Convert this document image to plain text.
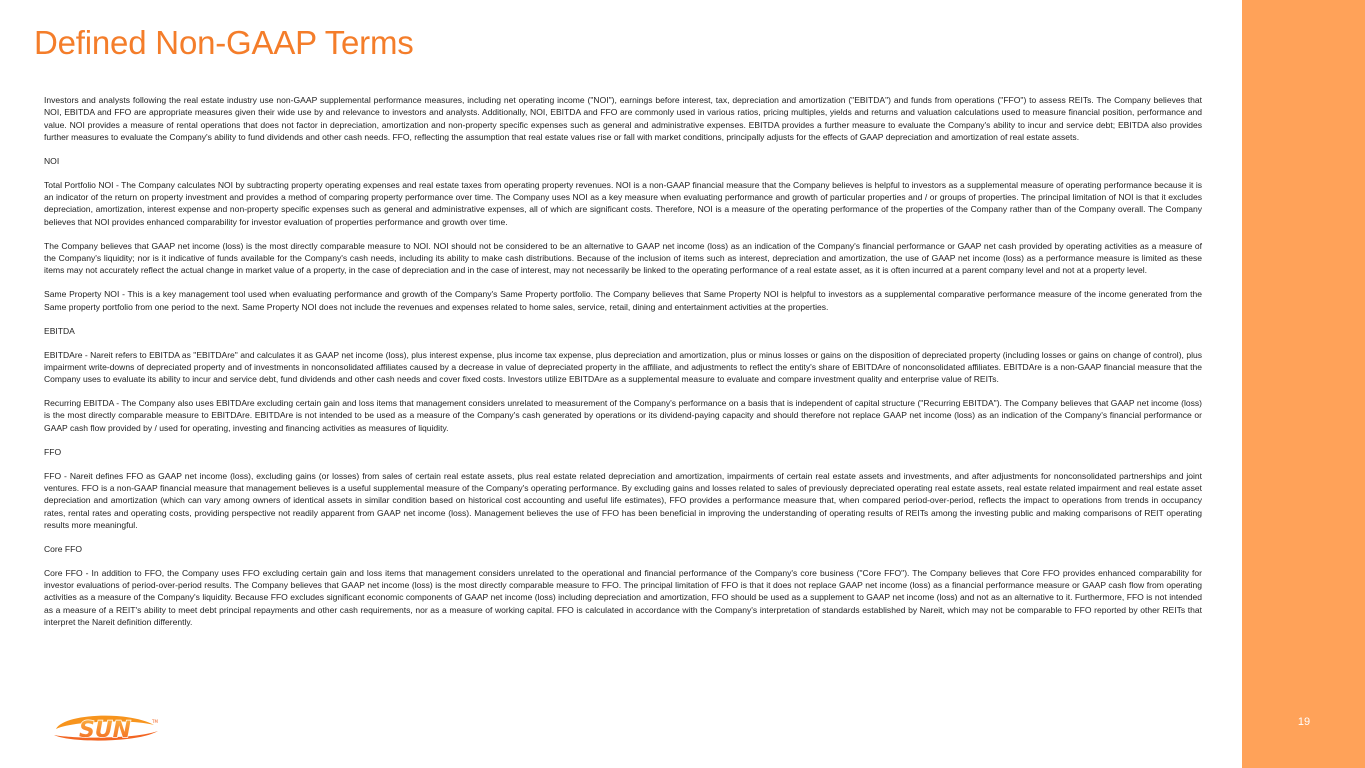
Defined Non-GAAP Terms

Investors and analysts following the real estate industry use non-GAAP supplemental performance measures, including net operating income ("NOI"), earnings before interest, tax, depreciation and amortization ("EBITDA") and funds from operations ("FFO") to assess REITs. The Company believes that NOI, EBITDA and FFO are appropriate measures given their wide use by and relevance to investors and analysts. Additionally, NOI, EBITDA and FFO are commonly used in various ratios, pricing multiples, yields and returns and valuation calculations used to measure financial position, performance and value. NOI provides a measure of rental operations that does not factor in depreciation, amortization and non-property specific expenses such as general and administrative expenses. EBITDA provides a further measure to evaluate the Company's ability to incur and service debt; EBITDA also provides further measures to evaluate the Company's ability to fund dividends and other cash needs. FFO, reflecting the assumption that real estate values rise or fall with market conditions, principally adjusts for the effects of GAAP depreciation and amortization of real estate assets.

NOI

Total Portfolio NOI - The Company calculates NOI by subtracting property operating expenses and real estate taxes from operating property revenues. NOI is a non-GAAP financial measure that the Company believes is helpful to investors as a supplemental measure of operating performance because it is an indicator of the return on property investment and provides a method of comparing property performance over time. The Company uses NOI as a key measure when evaluating performance and growth of particular properties and / or groups of properties. The principal limitation of NOI is that it excludes depreciation, amortization, interest expense and non-property specific expenses such as general and administrative expenses, all of which are significant costs. Therefore, NOI is a measure of the operating performance of the properties of the Company rather than of the Company overall. The Company believes that NOI provides enhanced comparability for investor evaluation of properties performance and growth over time.

The Company believes that GAAP net income (loss) is the most directly comparable measure to NOI. NOI should not be considered to be an alternative to GAAP net income (loss) as an indication of the Company's financial performance or GAAP net cash provided by operating activities as a measure of the Company's liquidity; nor is it indicative of funds available for the Company's cash needs, including its ability to make cash distributions. Because of the inclusion of items such as interest, depreciation and amortization, the use of GAAP net income (loss) as a performance measure is limited as these items may not accurately reflect the actual change in market value of a property, in the case of depreciation and in the case of interest, may not necessarily be linked to the operating performance of a real estate asset, as it is often incurred at a parent company level and not at a property level.

Same Property NOI - This is a key management tool used when evaluating performance and growth of the Company's Same Property portfolio. The Company believes that Same Property NOI is helpful to investors as a supplemental comparative performance measure of the income generated from the Same property portfolio from one period to the next. Same Property NOI does not include the revenues and expenses related to home sales, service, retail, dining and entertainment activities at the properties.

EBITDA

EBITDAre - Nareit refers to EBITDA as "EBITDAre" and calculates it as GAAP net income (loss), plus interest expense, plus income tax expense, plus depreciation and amortization, plus or minus losses or gains on the disposition of depreciated property (including losses or gains on change of control), plus impairment write-downs of depreciated property and of investments in nonconsolidated affiliates caused by a decrease in value of depreciated property in the affiliate, and adjustments to reflect the entity's share of EBITDAre of nonconsolidated affiliates. EBITDAre is a non-GAAP financial measure that the Company uses to evaluate its ability to incur and service debt, fund dividends and other cash needs and cover fixed costs. Investors utilize EBITDAre as a supplemental measure to evaluate and compare investment quality and enterprise value of REITs.

Recurring EBITDA - The Company also uses EBITDAre excluding certain gain and loss items that management considers unrelated to measurement of the Company's performance on a basis that is independent of capital structure ("Recurring EBITDA"). The Company believes that GAAP net income (loss) is the most directly comparable measure to EBITDAre. EBITDAre is not intended to be used as a measure of the Company's cash generated by operations or its dividend-paying capacity and should therefore not replace GAAP net income (loss) as an indication of the Company's financial performance or GAAP cash flow provided by / used for operating, investing and financing activities as measures of liquidity.

FFO

FFO - Nareit defines FFO as GAAP net income (loss), excluding gains (or losses) from sales of certain real estate assets, plus real estate related depreciation and amortization, impairments of certain real estate assets and investments, and after adjustments for nonconsolidated partnerships and joint ventures. FFO is a non-GAAP financial measure that management believes is a useful supplemental measure of the Company's operating performance. By excluding gains and losses related to sales of previously depreciated operating real estate assets, real estate related impairment and real estate asset depreciation and amortization (which can vary among owners of identical assets in similar condition based on historical cost accounting and useful life estimates), FFO provides a performance measure that, when compared period-over-period, reflects the impact to operations from trends in occupancy rates, rental rates and operating costs, providing perspective not readily apparent from GAAP net income (loss). Management believes the use of FFO has been beneficial in improving the understanding of operating results of REITs among the investing public and making comparisons of REIT operating results more meaningful.

Core FFO

Core FFO - In addition to FFO, the Company uses FFO excluding certain gain and loss items that management considers unrelated to the operational and financial performance of the Company's core business ("Core FFO"). The Company believes that Core FFO provides enhanced comparability for investor evaluations of period-over-period results. The Company believes that GAAP net income (loss) is the most directly comparable measure to FFO. The principal limitation of FFO is that it does not replace GAAP net income (loss) as a financial performance measure or GAAP cash flow from operating activities as a measure of the Company's liquidity. Because FFO excludes significant economic components of GAAP net income (loss) including depreciation and amortization, FFO should be used as a supplement to GAAP net income (loss) and not as an alternative to it. Furthermore, FFO is not intended as a measure of a REIT's ability to meet debt principal repayments and other cash requirements, nor as a measure of working capital. FFO is calculated in accordance with the Company's interpretation of standards established by Nareit, which may not be comparable to FFO reported by other REITs that interpret the Nareit definition differently.

SUN	TM	19
